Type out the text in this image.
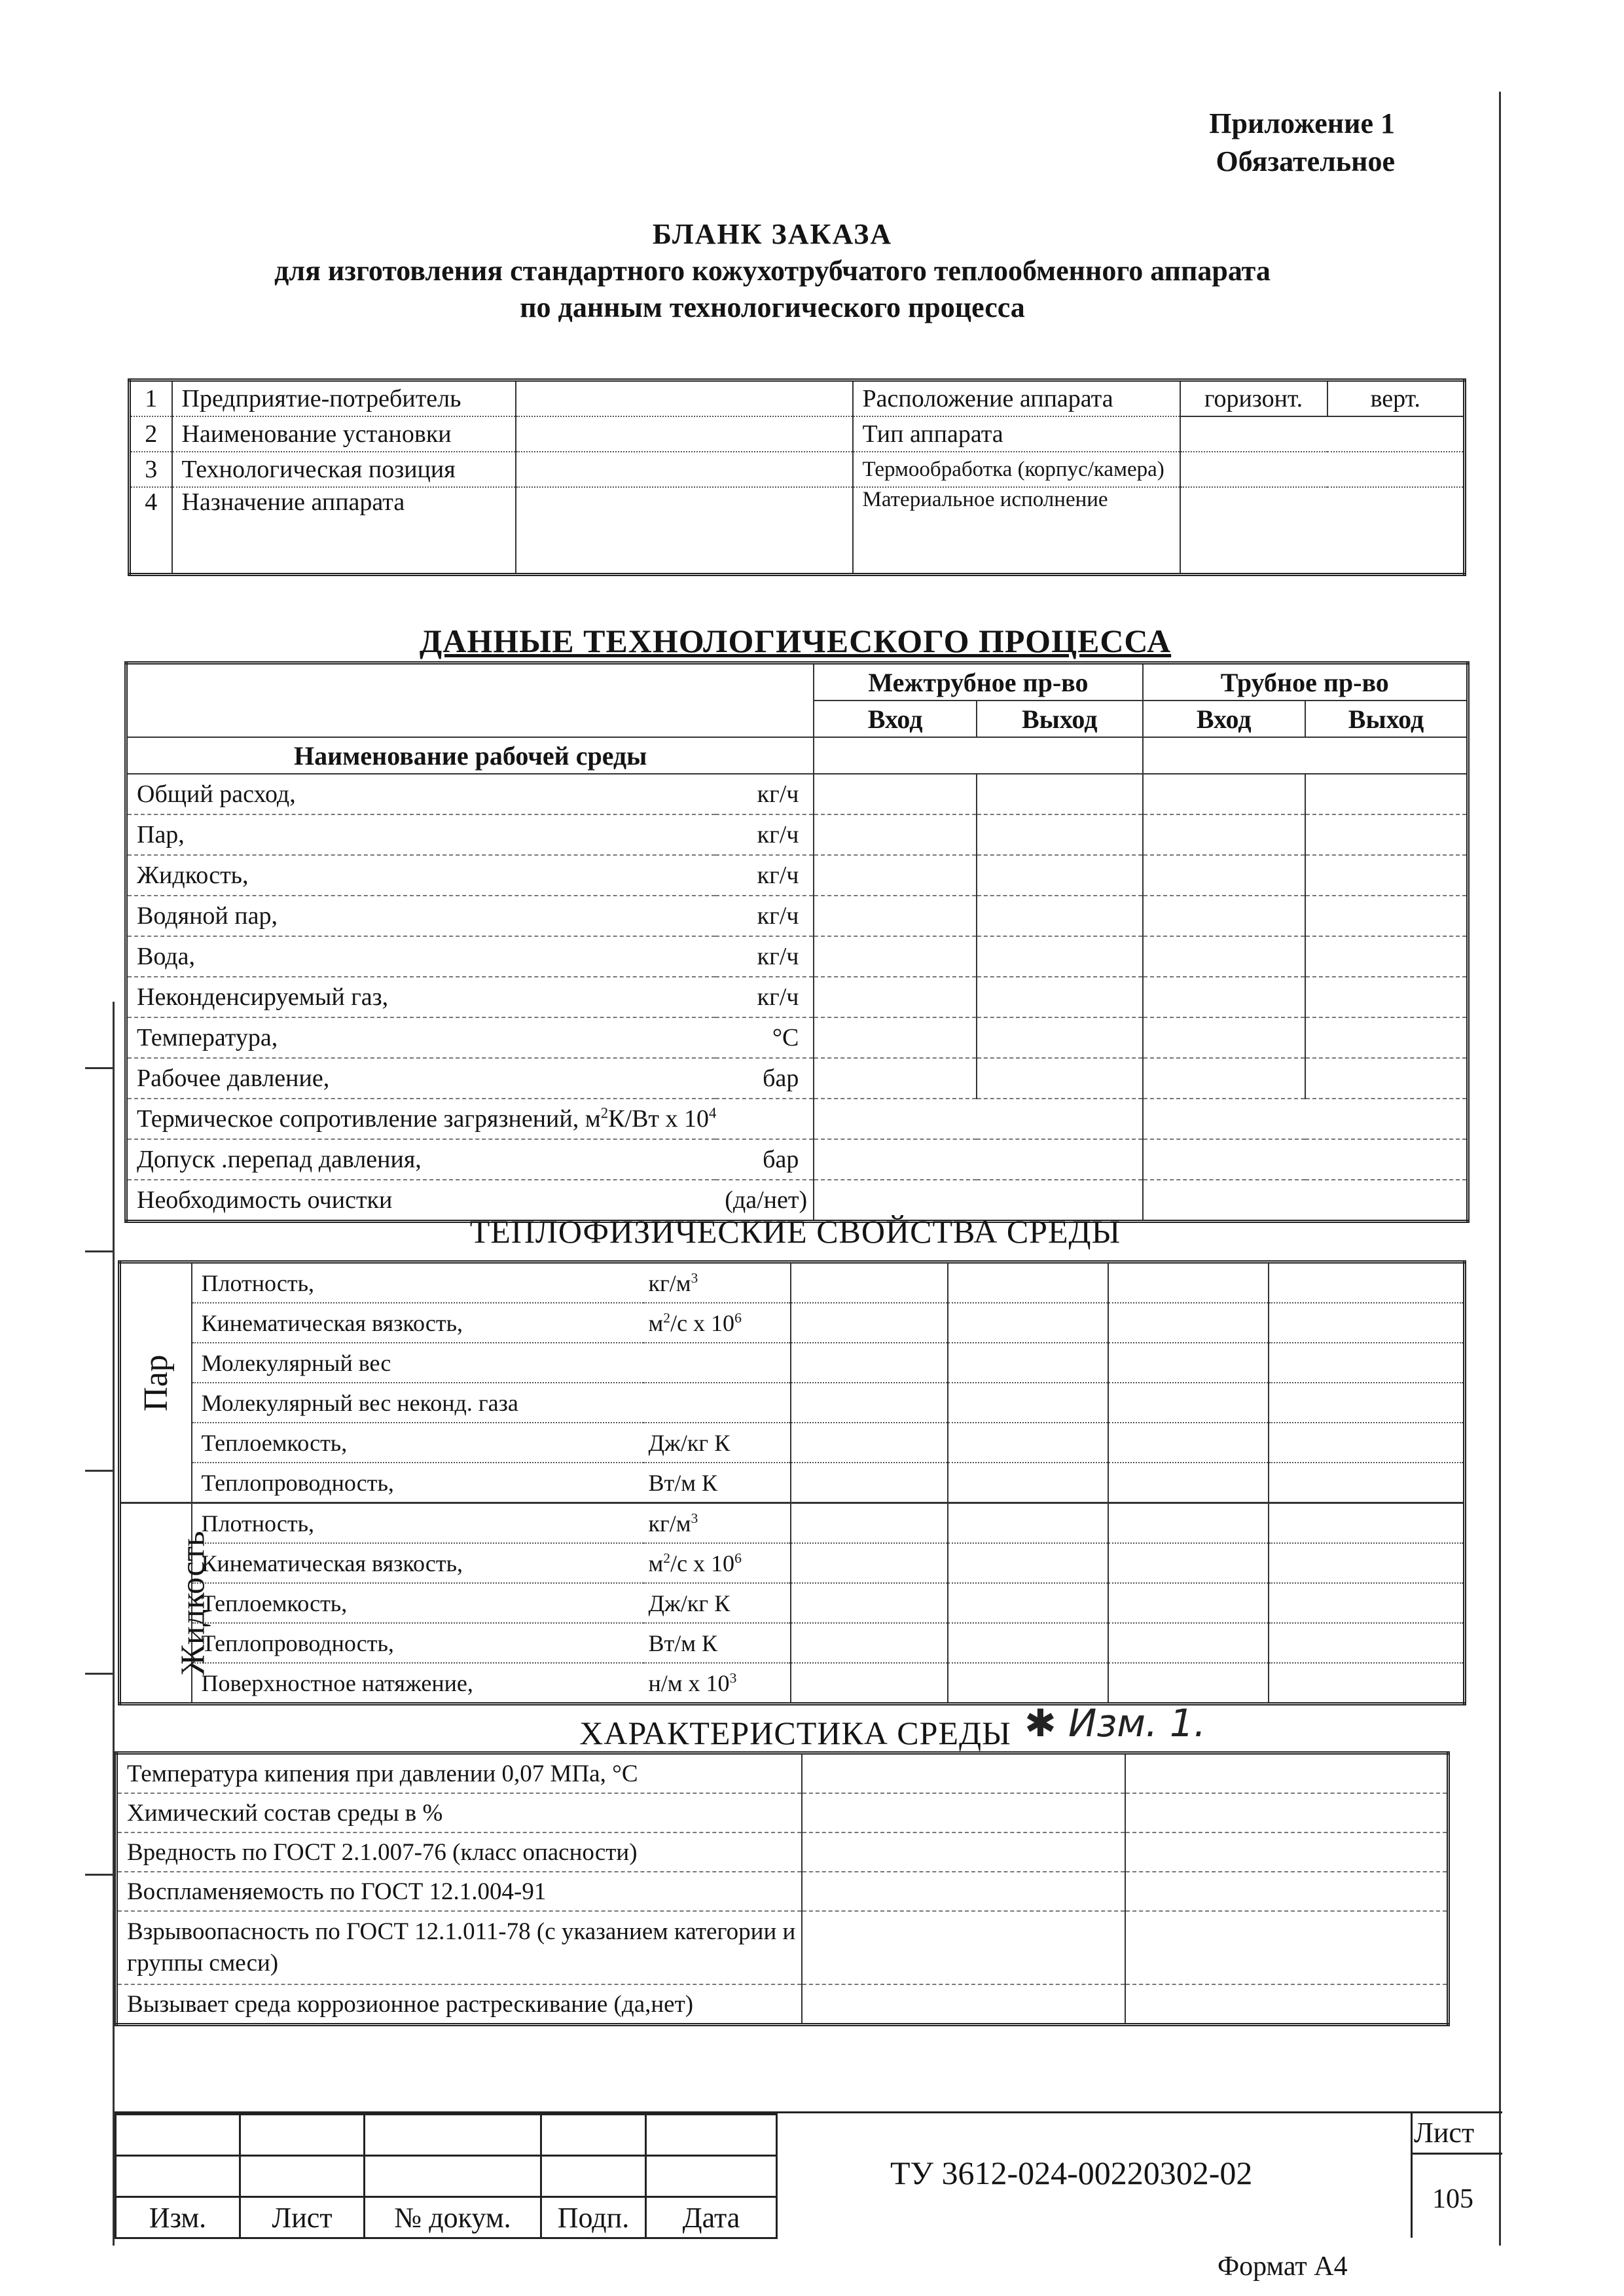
Приложение 1
Обязательное
БЛАНК ЗАКАЗА
для изготовления стандартного кожухотрубчатого теплообменного аппарата
по данным технологического процесса
1	Предприятие-потребитель		Расположение аппарата	горизонт.	верт.
2	Наименование установки		Тип аппарата		
3	Технологическая позиция		Термообработка (корпус/камера)		
4	Назначение аппарата		Материальное исполнение		
ДАННЫЕ ТЕХНОЛОГИЧЕСКОГО ПРОЦЕССА
		Межтрубное пр-во		Трубное пр-во	
		Вход	Выход	Вход	Выход
Наименование рабочей среды					
Общий расход,	кг/ч				
Пар,	кг/ч				
Жидкость,	кг/ч				
Водяной пар,	кг/ч				
Вода,	кг/ч				
Неконденсируемый газ,	кг/ч				
Температура,	°С				
Рабочее давление,	бар				
Термическое сопротивление загрязнений, $м^2К/Вт$ х $10^4$		
Допуск .перепад давления,	бар				
Необходимость очистки	(да/нет)				
ТЕПЛОФИЗИЧЕСКИЕ СВОЙСТВА СРЕДЫ
Пар	Плотность,	$кг/м^3$				
	Кинематическая вязкость,	$м^2/с$ х $10^6$				
	Молекулярный вес					
	Молекулярный вес неконд. газа					
	Теплоемкость,	Дж/кг К				
	Теплопроводность,	Вт/м К				
Жидкость	Плотность,	$кг/м^3$				
	Кинематическая вязкость,	$м^2/с$ х $10^6$				
	Теплоемкость,	Дж/кг К				
	Теплопроводность,	Вт/м К				
	Поверхностное натяжение,	н/м х $10^3$				
ХАРАКТЕРИСТИКА СРЕДЫ ✱ Изм. 1.
Температура кипения при давлении 0,07 МПа, °С		
Химический состав среды в %		
Вредность по ГОСТ 2.1.007-76 (класс опасности)		
Воспламеняемость по ГОСТ 12.1.004-91		
Взрывоопасность по ГОСТ 12.1.011-78 (с указанием категории и группы смеси)		
Вызывает среда коррозионное растрескивание (да,нет)		

Изм.	Лист	№ докум.	Подп.	Дата
ТУ 3612-024-00220302-02
Лист
105
Формат А4
